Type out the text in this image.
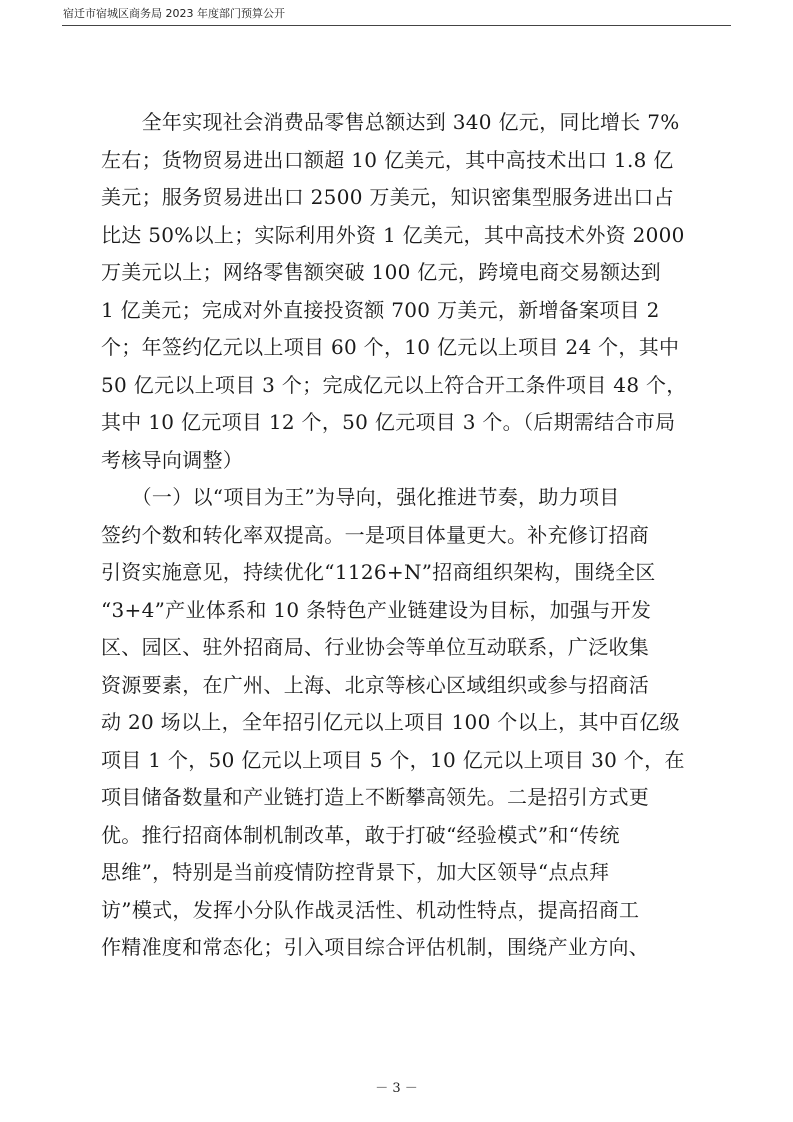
宿迁市宿城区商务局 2023 年度部门预算公开
　　全年实现社会消费品零售总额达到 340 亿元，同比增长 7%
左右；货物贸易进出口额超 10 亿美元，其中高技术出口 1.8 亿
美元；服务贸易进出口 2500 万美元，知识密集型服务进出口占
比达 50%以上；实际利用外资 1 亿美元，其中高技术外资 2000
万美元以上；网络零售额突破 100 亿元，跨境电商交易额达到
1 亿美元；完成对外直接投资额 700 万美元，新增备案项目 2
个；年签约亿元以上项目 60 个，10 亿元以上项目 24 个，其中
50 亿元以上项目 3 个；完成亿元以上符合开工条件项目 48 个，
其中 10 亿元项目 12 个，50 亿元项目 3 个。（后期需结合市局
考核导向调整）
　　（一）以“项目为王”为导向，强化推进节奏，助力项目
签约个数和转化率双提高。一是项目体量更大。补充修订招商
引资实施意见，持续优化“1126+N”招商组织架构，围绕全区
“3+4”产业体系和 10 条特色产业链建设为目标，加强与开发
区、园区、驻外招商局、行业协会等单位互动联系，广泛收集
资源要素，在广州、上海、北京等核心区域组织或参与招商活
动 20 场以上，全年招引亿元以上项目 100 个以上，其中百亿级
项目 1 个，50 亿元以上项目 5 个，10 亿元以上项目 30 个，在
项目储备数量和产业链打造上不断攀高领先。二是招引方式更
优。推行招商体制机制改革，敢于打破“经验模式”和“传统
思维”，特别是当前疫情防控背景下，加大区领导“点点拜
访”模式，发挥小分队作战灵活性、机动性特点，提高招商工
作精准度和常态化；引入项目综合评估机制，围绕产业方向、
－ 3 －
